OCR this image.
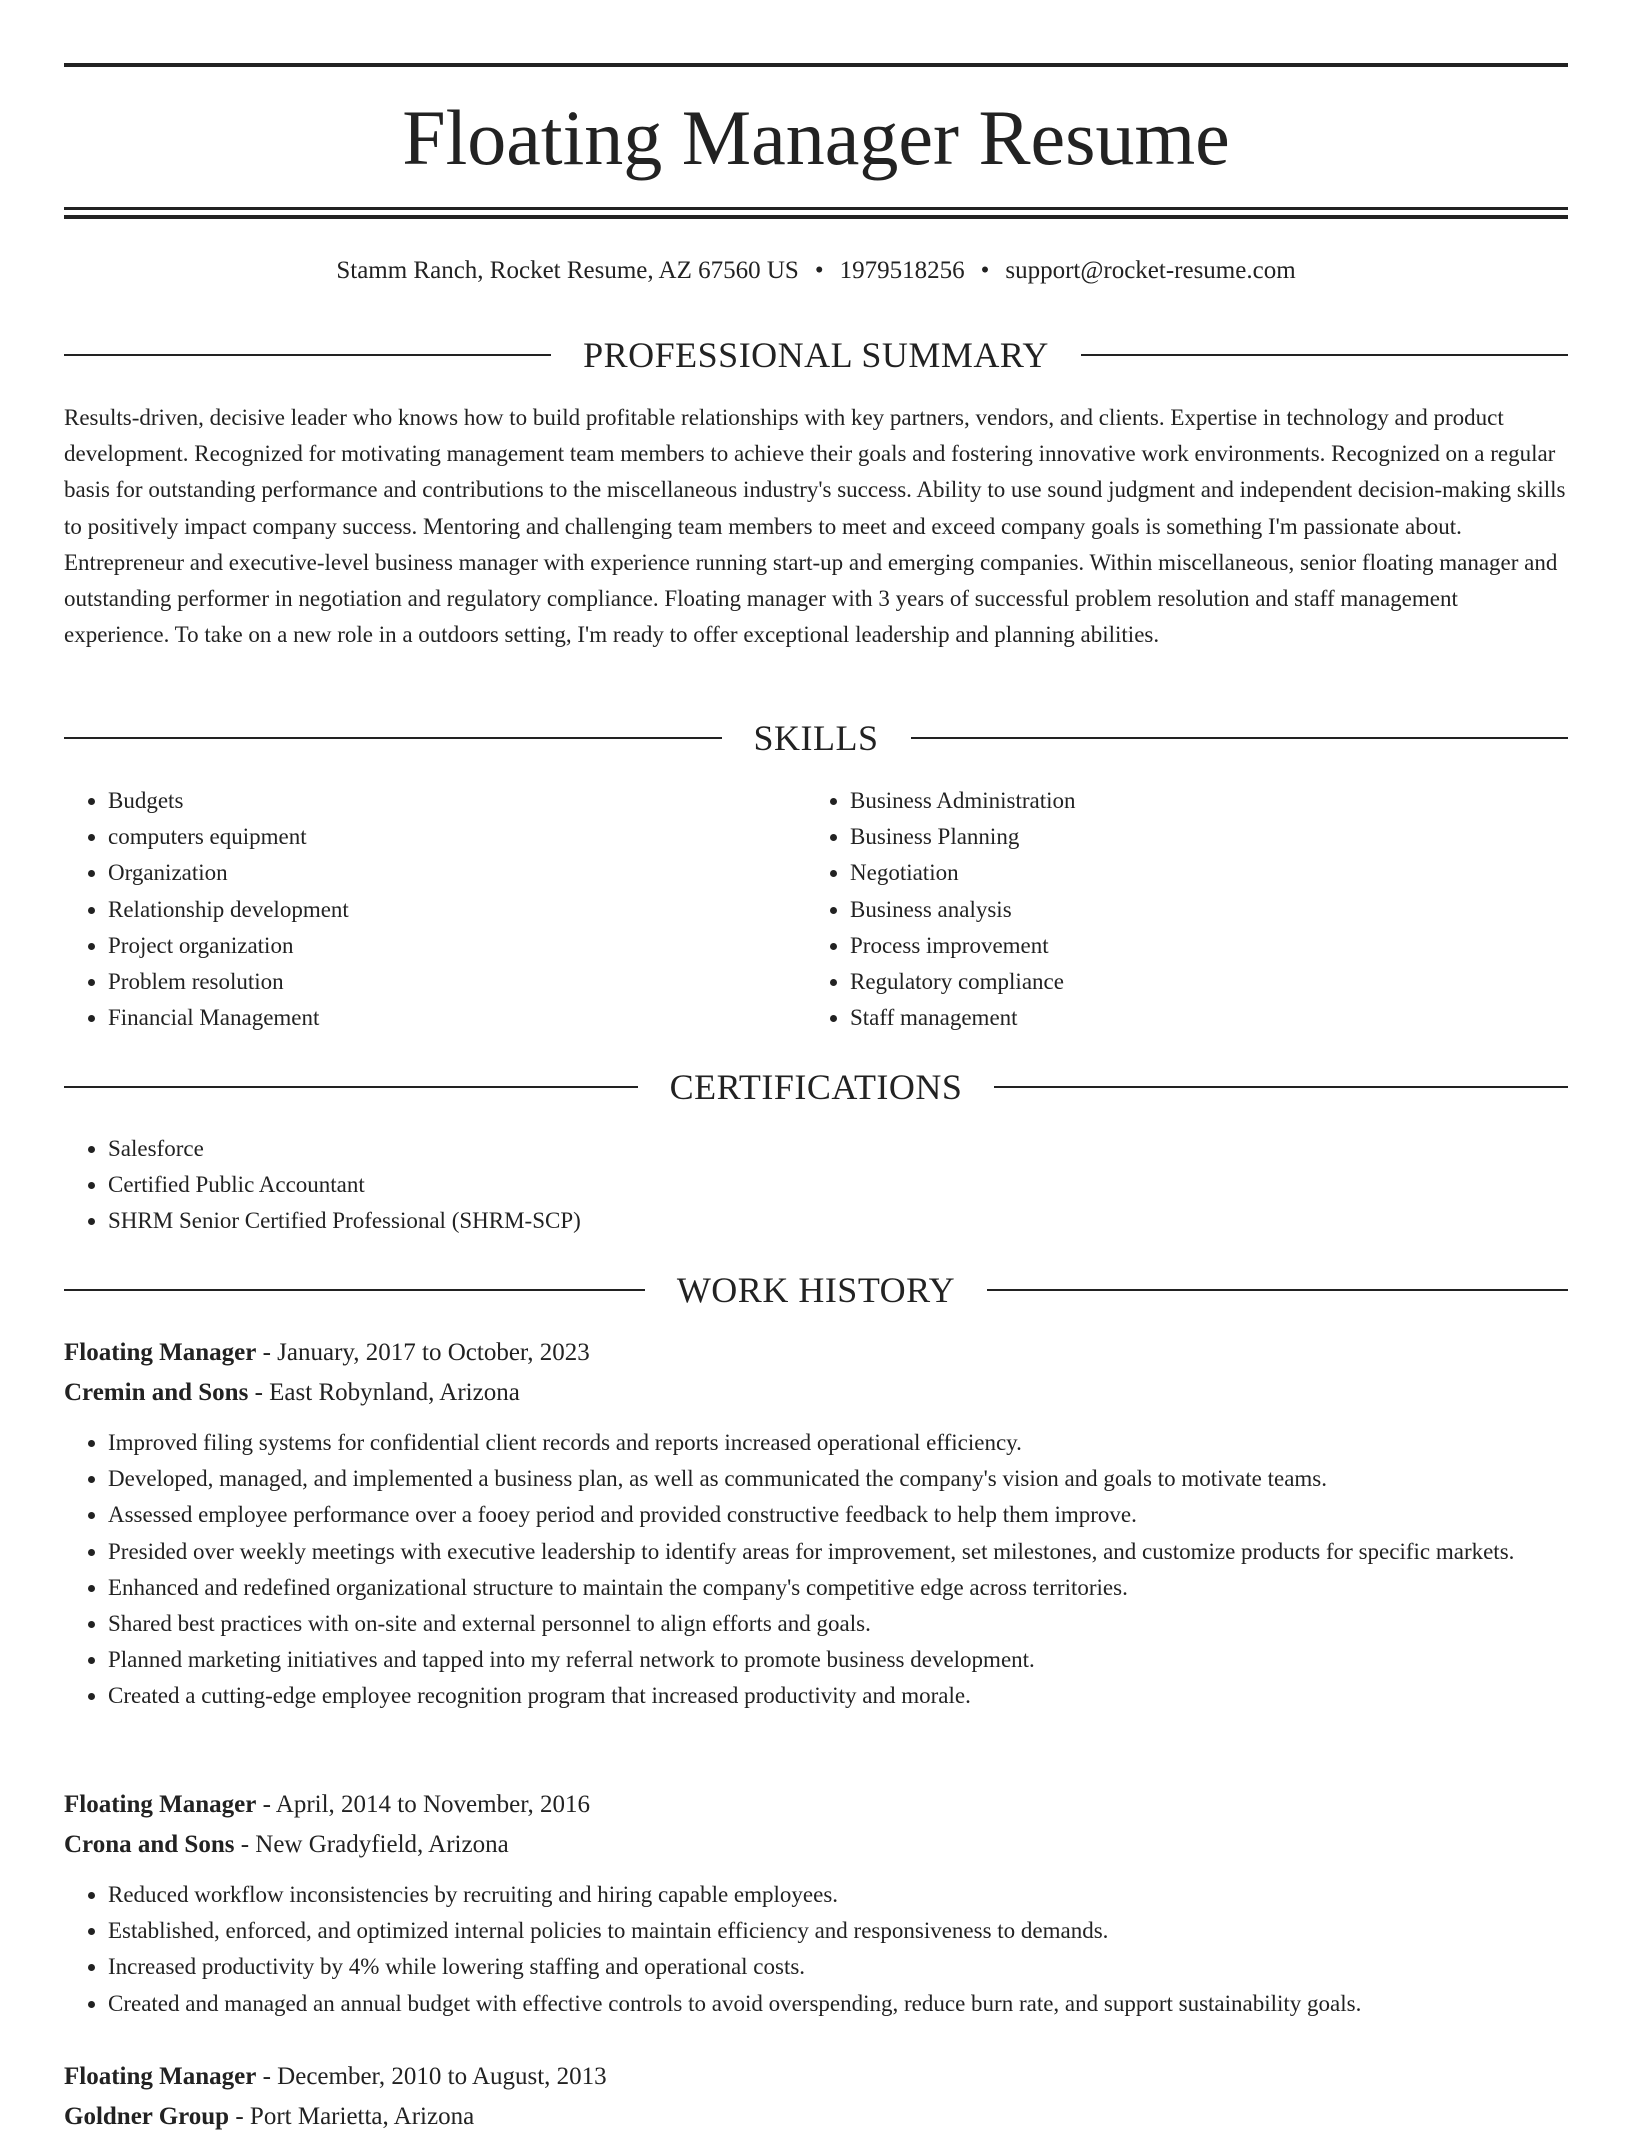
Floating Manager Resume
Stamm Ranch, Rocket Resume, AZ 67560 US • 1979518256 • support@rocket-resume.com
PROFESSIONAL SUMMARY

Results-driven, decisive leader who knows how to build profitable relationships with key partners, vendors, and clients. Expertise in technology and product development. Recognized for motivating management team members to achieve their goals and fostering innovative work environments. Recognized on a regular basis for outstanding performance and contributions to the miscellaneous industry's success. Ability to use sound judgment and independent decision-making skills to positively impact company success. Mentoring and challenging team members to meet and exceed company goals is something I'm passionate about. Entrepreneur and executive-level business manager with experience running start-up and emerging companies. Within miscellaneous, senior floating manager and outstanding performer in negotiation and regulatory compliance. Floating manager with 3 years of successful problem resolution and staff management experience. To take on a new role in a outdoors setting, I'm ready to offer exceptional leadership and planning abilities.

SKILLS
• Budgets
• computers equipment
• Organization
• Relationship development
• Project organization
• Problem resolution
• Financial Management
• Business Administration
• Business Planning
• Negotiation
• Business analysis
• Process improvement
• Regulatory compliance
• Staff management
CERTIFICATIONS
• Salesforce
• Certified Public Accountant
• SHRM Senior Certified Professional (SHRM-SCP)
WORK HISTORY
Floating Manager - January, 2017 to October, 2023
Cremin and Sons - East Robynland, Arizona
• Improved filing systems for confidential client records and reports increased operational efficiency.
• Developed, managed, and implemented a business plan, as well as communicated the company's vision and goals to motivate teams.
• Assessed employee performance over a fooey period and provided constructive feedback to help them improve.
• Presided over weekly meetings with executive leadership to identify areas for improvement, set milestones, and customize products for specific markets.
• Enhanced and redefined organizational structure to maintain the company's competitive edge across territories.
• Shared best practices with on-site and external personnel to align efforts and goals.
• Planned marketing initiatives and tapped into my referral network to promote business development.
• Created a cutting-edge employee recognition program that increased productivity and morale.
Floating Manager - April, 2014 to November, 2016
Crona and Sons - New Gradyfield, Arizona
• Reduced workflow inconsistencies by recruiting and hiring capable employees.
• Established, enforced, and optimized internal policies to maintain efficiency and responsiveness to demands.
• Increased productivity by 4% while lowering staffing and operational costs.
• Created and managed an annual budget with effective controls to avoid overspending, reduce burn rate, and support sustainability goals.
Floating Manager - December, 2010 to August, 2013
Goldner Group - Port Marietta, Arizona
